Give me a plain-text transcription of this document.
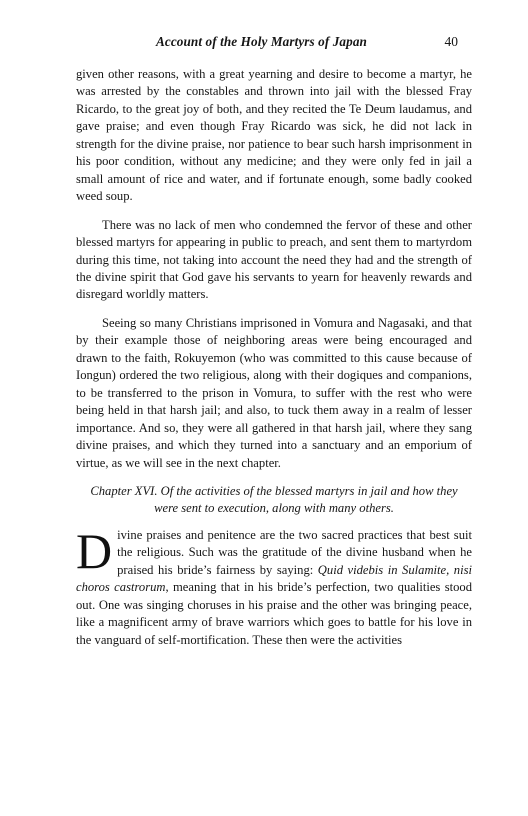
Account of the Holy Martyrs of Japan	40

given other reasons, with a great yearning and desire to become a martyr, he was arrested by the constables and thrown into jail with the blessed Fray Ricardo, to the great joy of both, and they recited the Te Deum laudamus, and gave praise; and even though Fray Ricardo was sick, he did not lack in strength for the divine praise, nor patience to bear such harsh imprisonment in his poor condition, without any medicine; and they were only fed in jail a small amount of rice and water, and if fortunate enough, some badly cooked weed soup.

There was no lack of men who condemned the fervor of these and other blessed martyrs for appearing in public to preach, and sent them to martyrdom during this time, not taking into account the need they had and the strength of the divine spirit that God gave his servants to yearn for heavenly rewards and disregard worldly matters.

Seeing so many Christians imprisoned in Vomura and Nagasaki, and that by their example those of neighboring areas were being encouraged and drawn to the faith, Rokuyemon (who was committed to this cause because of Iongun) ordered the two religious, along with their dogiques and companions, to be transferred to the prison in Vomura, to suffer with the rest who were being held in that harsh jail; and also, to tuck them away in a realm of lesser importance. And so, they were all gathered in that harsh jail, where they sang divine praises, and which they turned into a sanctuary and an emporium of virtue, as we will see in the next chapter.

Chapter XVI. Of the activities of the blessed martyrs in jail and how they were sent to execution, along with many others.

Divine praises and penitence are the two sacred practices that best suit the religious. Such was the gratitude of the divine husband when he praised his bride’s fairness by saying: Quid videbis in Sulamite, nisi choros castrorum, meaning that in his bride’s perfection, two qualities stood out. One was singing choruses in his praise and the other was bringing peace, like a magnificent army of brave warriors which goes to battle for his love in the vanguard of self-mortification. These then were the activities
